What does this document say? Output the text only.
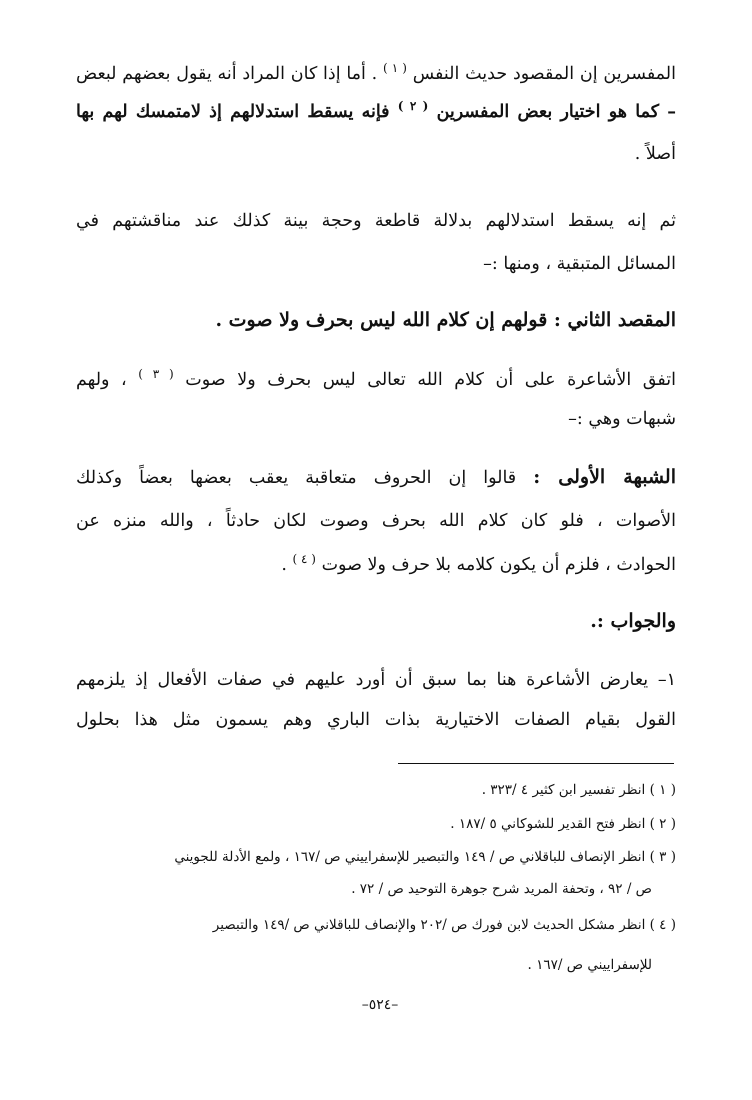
المفسرين إن المقصود حديث النفس $^{( ١ )}$ . أما إذا كان المراد أنه يقول بعضهم لبعض
– كما هو اختيار بعض المفسرين $^{( ٢ )}$ فإنه يسقط استدلالهم إذ لامتمسك لهم بها
أصلاً .
ثم إنه يسقط استدلالهم بدلالة قاطعة وحجة بينة كذلك عند مناقشتهم في
المسائل المتبقية ، ومنها :–
المقصد الثاني : قولهم إن كلام الله ليس بحرف ولا صوت .
اتفق الأشاعرة على أن كلام الله تعالى ليس بحرف ولا صوت $^{( ٣ )}$ ، ولهم
شبهات وهي :–
الشبهة الأولى : قالوا إن الحروف متعاقبة يعقب بعضها بعضاً وكذلك
الأصوات ، فلو كان كلام الله بحرف وصوت لكان حادثاً ، والله منزه عن
الحوادث ، فلزم أن يكون كلامه بلا حرف ولا صوت $^{( ٤ )}$ .
والجواب :.
١– يعارض الأشاعرة هنا بما سبق أن أورد عليهم في صفات الأفعال إذ يلزمهم
القول بقيام الصفات الاختيارية بذات الباري وهم يسمون مثل هذا بحلول
( ١ ) انظر تفسير ابن كثير ٤ /٣٢٣ .
( ٢ ) انظر فتح القدير للشوكاني ٥ /١٨٧ .
( ٣ ) انظر الإنصاف للباقلاني ص / ١٤٩ والتبصير للإسفراييني ص /١٦٧ ، ولمع الأدلة للجويني
ص / ٩٢ ، وتحفة المريد شرح جوهرة التوحيد ص / ٧٢ .
( ٤ ) انظر مشكل الحديث لابن فورك ص /٢٠٢ والإنصاف للباقلاني ص /١٤٩ والتبصير
للإسفراييني ص /١٦٧ .
–٥٢٤–
